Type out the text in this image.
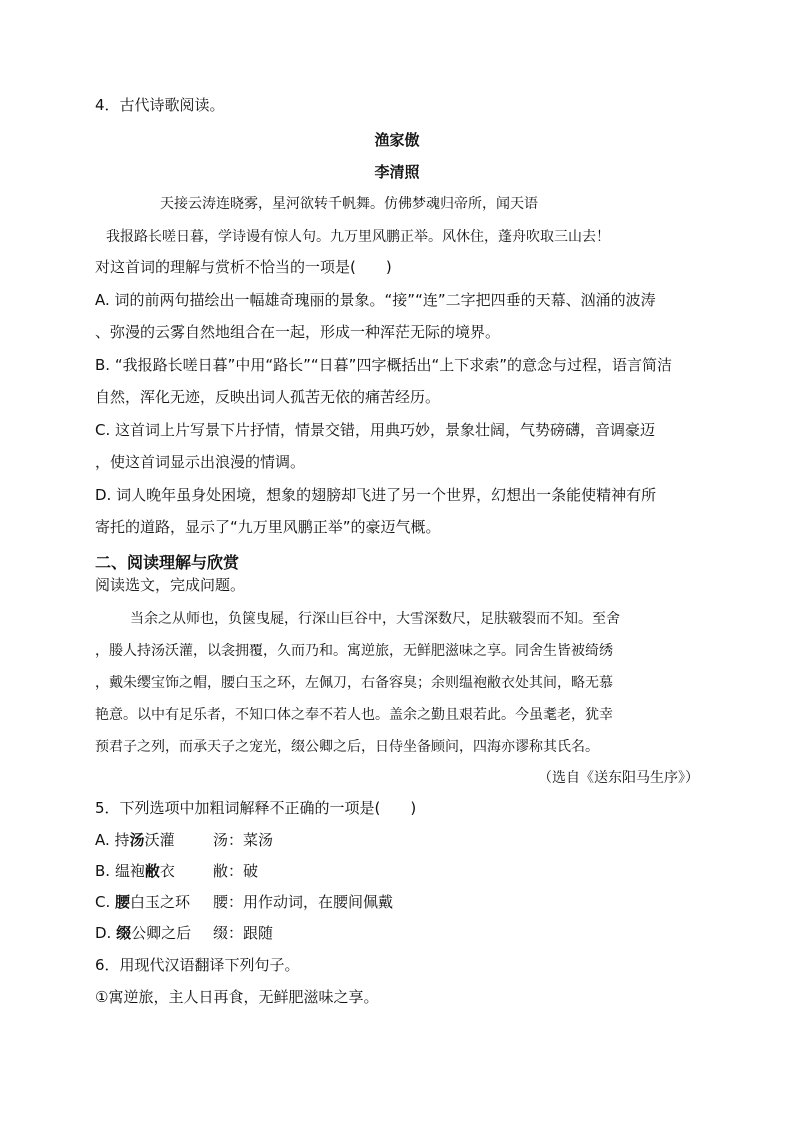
4．古代诗歌阅读。
渔家傲
李清照
天接云涛连晓雾，星河欲转千帆舞。仿佛梦魂归帝所，闻天语
我报路长嗟日暮，学诗谩有惊人句。九万里风鹏正举。风休住，蓬舟吹取三山去！
对这首词的理解与赏析不恰当的一项是(　　)
A. 词的前两句描绘出一幅雄奇瑰丽的景象。“接”“连”二字把四垂的天幕、汹涌的波涛
、弥漫的云雾自然地组合在一起，形成一种浑茫无际的境界。
B. “我报路长嗟日暮”中用“路长”“日暮”四字概括出“上下求索”的意念与过程，语言简洁
自然，浑化无迹，反映出词人孤苦无依的痛苦经历。
C. 这首词上片写景下片抒情，情景交错，用典巧妙，景象壮阔，气势磅礴，音调豪迈
，使这首词显示出浪漫的情调。
D. 词人晚年虽身处困境，想象的翅膀却飞进了另一个世界，幻想出一条能使精神有所
寄托的道路，显示了“九万里风鹏正举”的豪迈气概。
二、阅读理解与欣赏
阅读选文，完成问题。
当余之从师也，负箧曳屣，行深山巨谷中，大雪深数尺，足肤皲裂而不知。至舍
，媵人持汤沃灌，以衾拥覆，久而乃和。寓逆旅，无鲜肥滋味之享。同舍生皆被绮绣
，戴朱缨宝饰之帽，腰白玉之环，左佩刀，右备容臭；余则缊袍敝衣处其间，略无慕
艳意。以中有足乐者，不知口体之奉不若人也。盖余之勤且艰若此。今虽耄老，犹幸
预君子之列，而承天子之宠光，缀公卿之后，日侍坐备顾问，四海亦谬称其氏名。
（选自《送东阳马生序》）
5．下列选项中加粗词解释不正确的一项是(　　)
A. 持汤沃灌	汤：菜汤
B. 缊袍敝衣	敝：破
C. 腰白玉之环 腰：用作动词，在腰间佩戴
D. 缀公卿之后 缀：跟随
6．用现代汉语翻译下列句子。
①寓逆旅，主人日再食，无鲜肥滋味之享。
